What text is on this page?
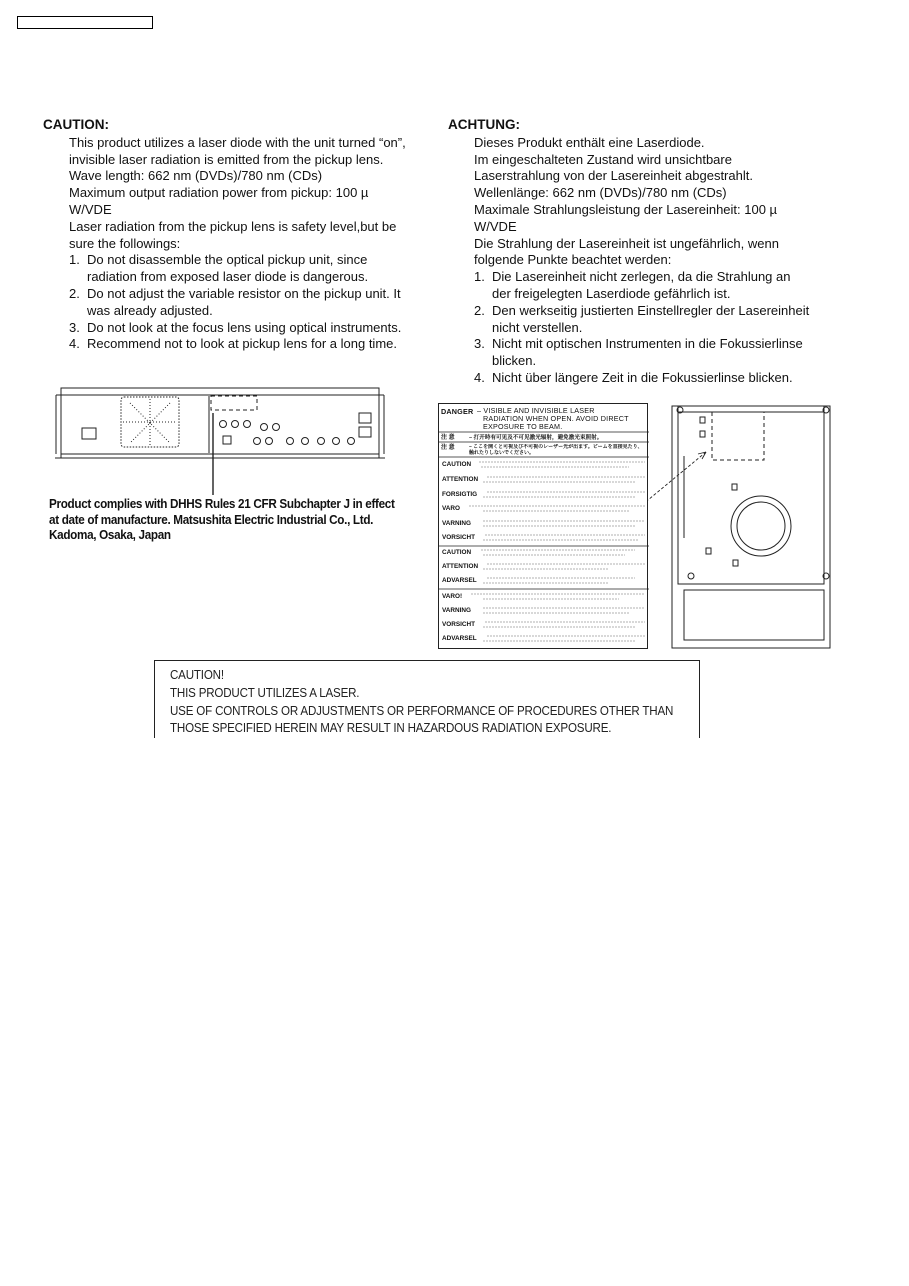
CAUTION:
This product utilizes a laser diode with the unit turned “on”,
invisible laser radiation is emitted from the pickup lens.
Wave length: 662 nm (DVDs)/780 nm (CDs)
Maximum output radiation power from pickup: 100 µ
W/VDE
Laser radiation from the pickup lens is safety level,but be
sure the followings:
1. Do not disassemble the optical pickup unit, since
radiation from exposed laser diode is dangerous.
2. Do not adjust the variable resistor on the pickup unit. It
was already adjusted.
3. Do not look at the focus lens using optical instruments.
4. Recommend not to look at pickup lens for a long time.
ACHTUNG:
Dieses Produkt enthält eine Laserdiode.
Im eingeschalteten Zustand wird unsichtbare
Laserstrahlung von der Lasereinheit abgestrahlt.
Wellenlänge: 662 nm (DVDs)/780 nm (CDs)
Maximale Strahlungsleistung der Lasereinheit: 100 µ
W/VDE
Die Strahlung der Lasereinheit ist ungefährlich, wenn
folgende Punkte beachtet werden:
1. Die Lasereinheit nicht zerlegen, da die Strahlung an
der freigelegten Laserdiode gefährlich ist.
2. Den werkseitig justierten Einstellregler der Lasereinheit
nicht verstellen.
3. Nicht mit optischen Instrumenten in die Fokussierlinse
blicken.
4. Nicht über längere Zeit in die Fokussierlinse blicken.
Product complies with DHHS Rules 21 CFR Subchapter J in effect
at date of manufacture. Matsushita Electric Industrial Co., Ltd.
Kadoma, Osaka, Japan
DANGER – VISIBLE AND INVISIBLE LASER
RADIATION WHEN OPEN. AVOID DIRECT
EXPOSURE TO BEAM.
注 意	– 打开時有可见及不可见激光辐射，避免激光束照射。
注 意	– ここを開くと可視及び不可視のレーザー光が出ます。ビームを直接見たり、触れたりしないでください。
CAUTION
ATTENTION
FORSIGTIG
VARO
VARNING
VORSICHT
CAUTION
ATTENTION
ADVARSEL
VARO!
VARNING
VORSICHT
ADVARSEL
CAUTION!
THIS PRODUCT UTILIZES A LASER.
USE OF CONTROLS OR ADJUSTMENTS OR PERFORMANCE OF PROCEDURES OTHER THAN
THOSE SPECIFIED HEREIN MAY RESULT IN HAZARDOUS RADIATION EXPOSURE.
